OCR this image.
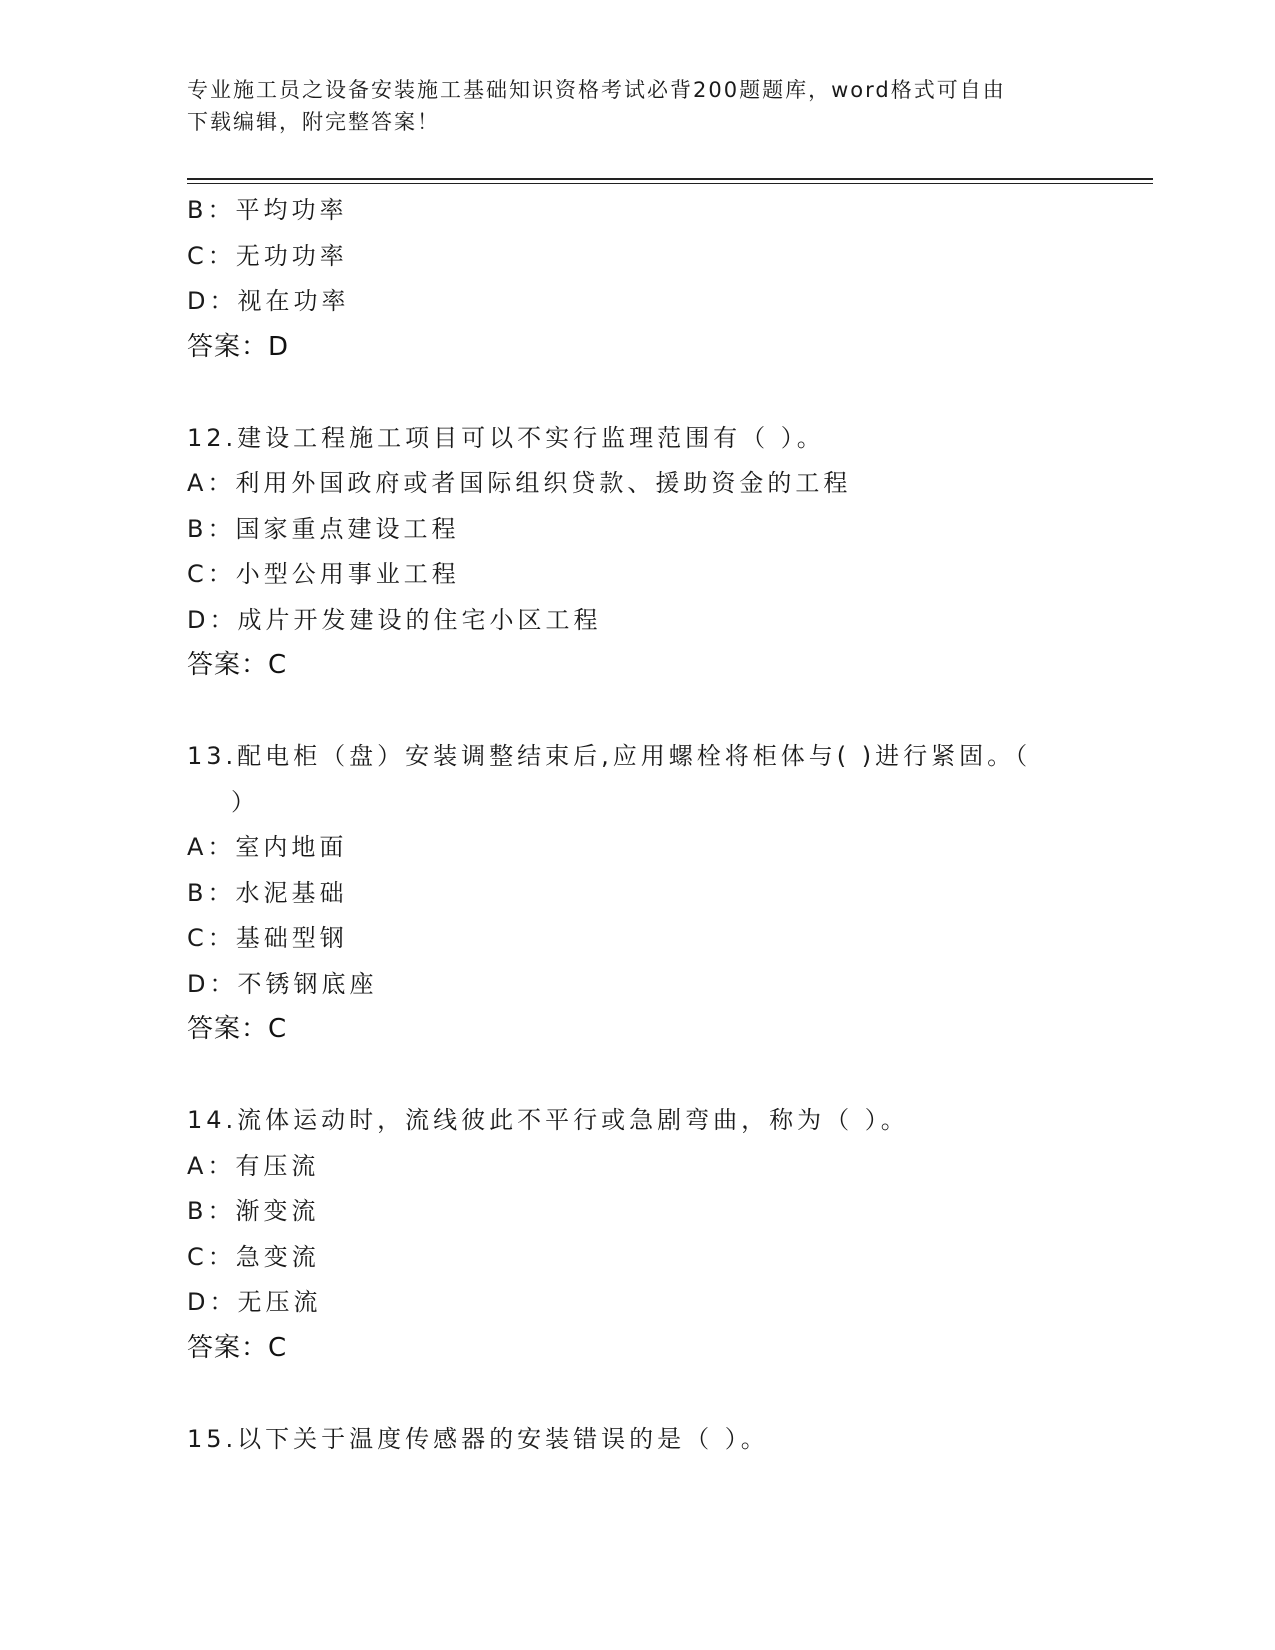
专业施工员之设备安装施工基础知识资格考试必背200题题库，word格式可自由
下载编辑，附完整答案！
B：平均功率
C：无功功率
D：视在功率
答案：D
12.建设工程施工项目可以不实行监理范围有（ ）。
A：利用外国政府或者国际组织贷款、援助资金的工程
B：国家重点建设工程
C：小型公用事业工程
D：成片开发建设的住宅小区工程
答案：C
13.配电柜（盘）安装调整结束后,应用螺栓将柜体与( )进行紧固。（
）
A：室内地面
B：水泥基础
C：基础型钢
D：不锈钢底座
答案：C
14.流体运动时，流线彼此不平行或急剧弯曲，称为（ ）。
A：有压流
B：渐变流
C：急变流
D：无压流
答案：C
15.以下关于温度传感器的安装错误的是（ ）。
